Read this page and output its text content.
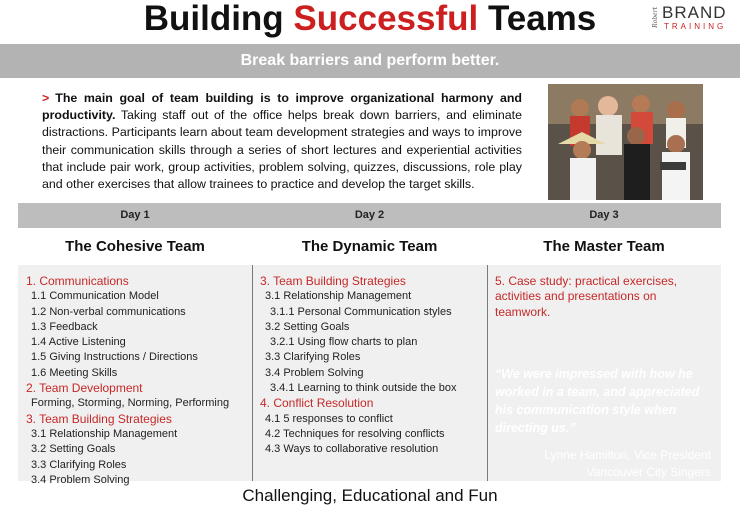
Building Successful Teams	Robert BRAND
TRAINING
Break barriers and perform better.

> The main goal of team building is to improve organizational harmony and productivity. Taking staff out of the office helps break down barriers, and eliminate distractions. Participants learn about team development strategies and ways to improve their communication skills through a series of short lectures and experiential activities that include pair work, group activities, problem solving, quizzes, discussions, role play and other exercises that allow trainees to practice and develop the target skills.

Day 1
The Cohesive Team
1. Communications
1.1 Communication Model
1.2 Non-verbal communications
1.3 Feedback
1.4 Active Listening
1.5 Giving Instructions / Directions
1.6 Meeting Skills
2. Team Development
Forming, Storming, Norming, Performing
3. Team Building Strategies
3.1 Relationship Management
3.2 Setting Goals
3.3 Clarifying Roles
3.4 Problem Solving
Day 2
The Dynamic Team
3. Team Building Strategies
3.1 Relationship Management
3.1.1 Personal Communication styles
3.2 Setting Goals
3.2.1 Using flow charts to plan
3.3 Clarifying Roles
3.4 Problem Solving
3.4.1 Learning to think outside the box
4. Conflict Resolution
4.1 5 responses to conflict
4.2 Techniques for resolving conflicts
4.3 Ways to collaborative resolution
Day 3
The Master Team
5. Case study: practical exercises, activities and presentations on teamwork.
“We were impressed with how he worked in a team, and appreciated his communication style when directing us.”
Lynne Hamilton, Vice President
Vancouver City Singers
Challenging, Educational and Fun
